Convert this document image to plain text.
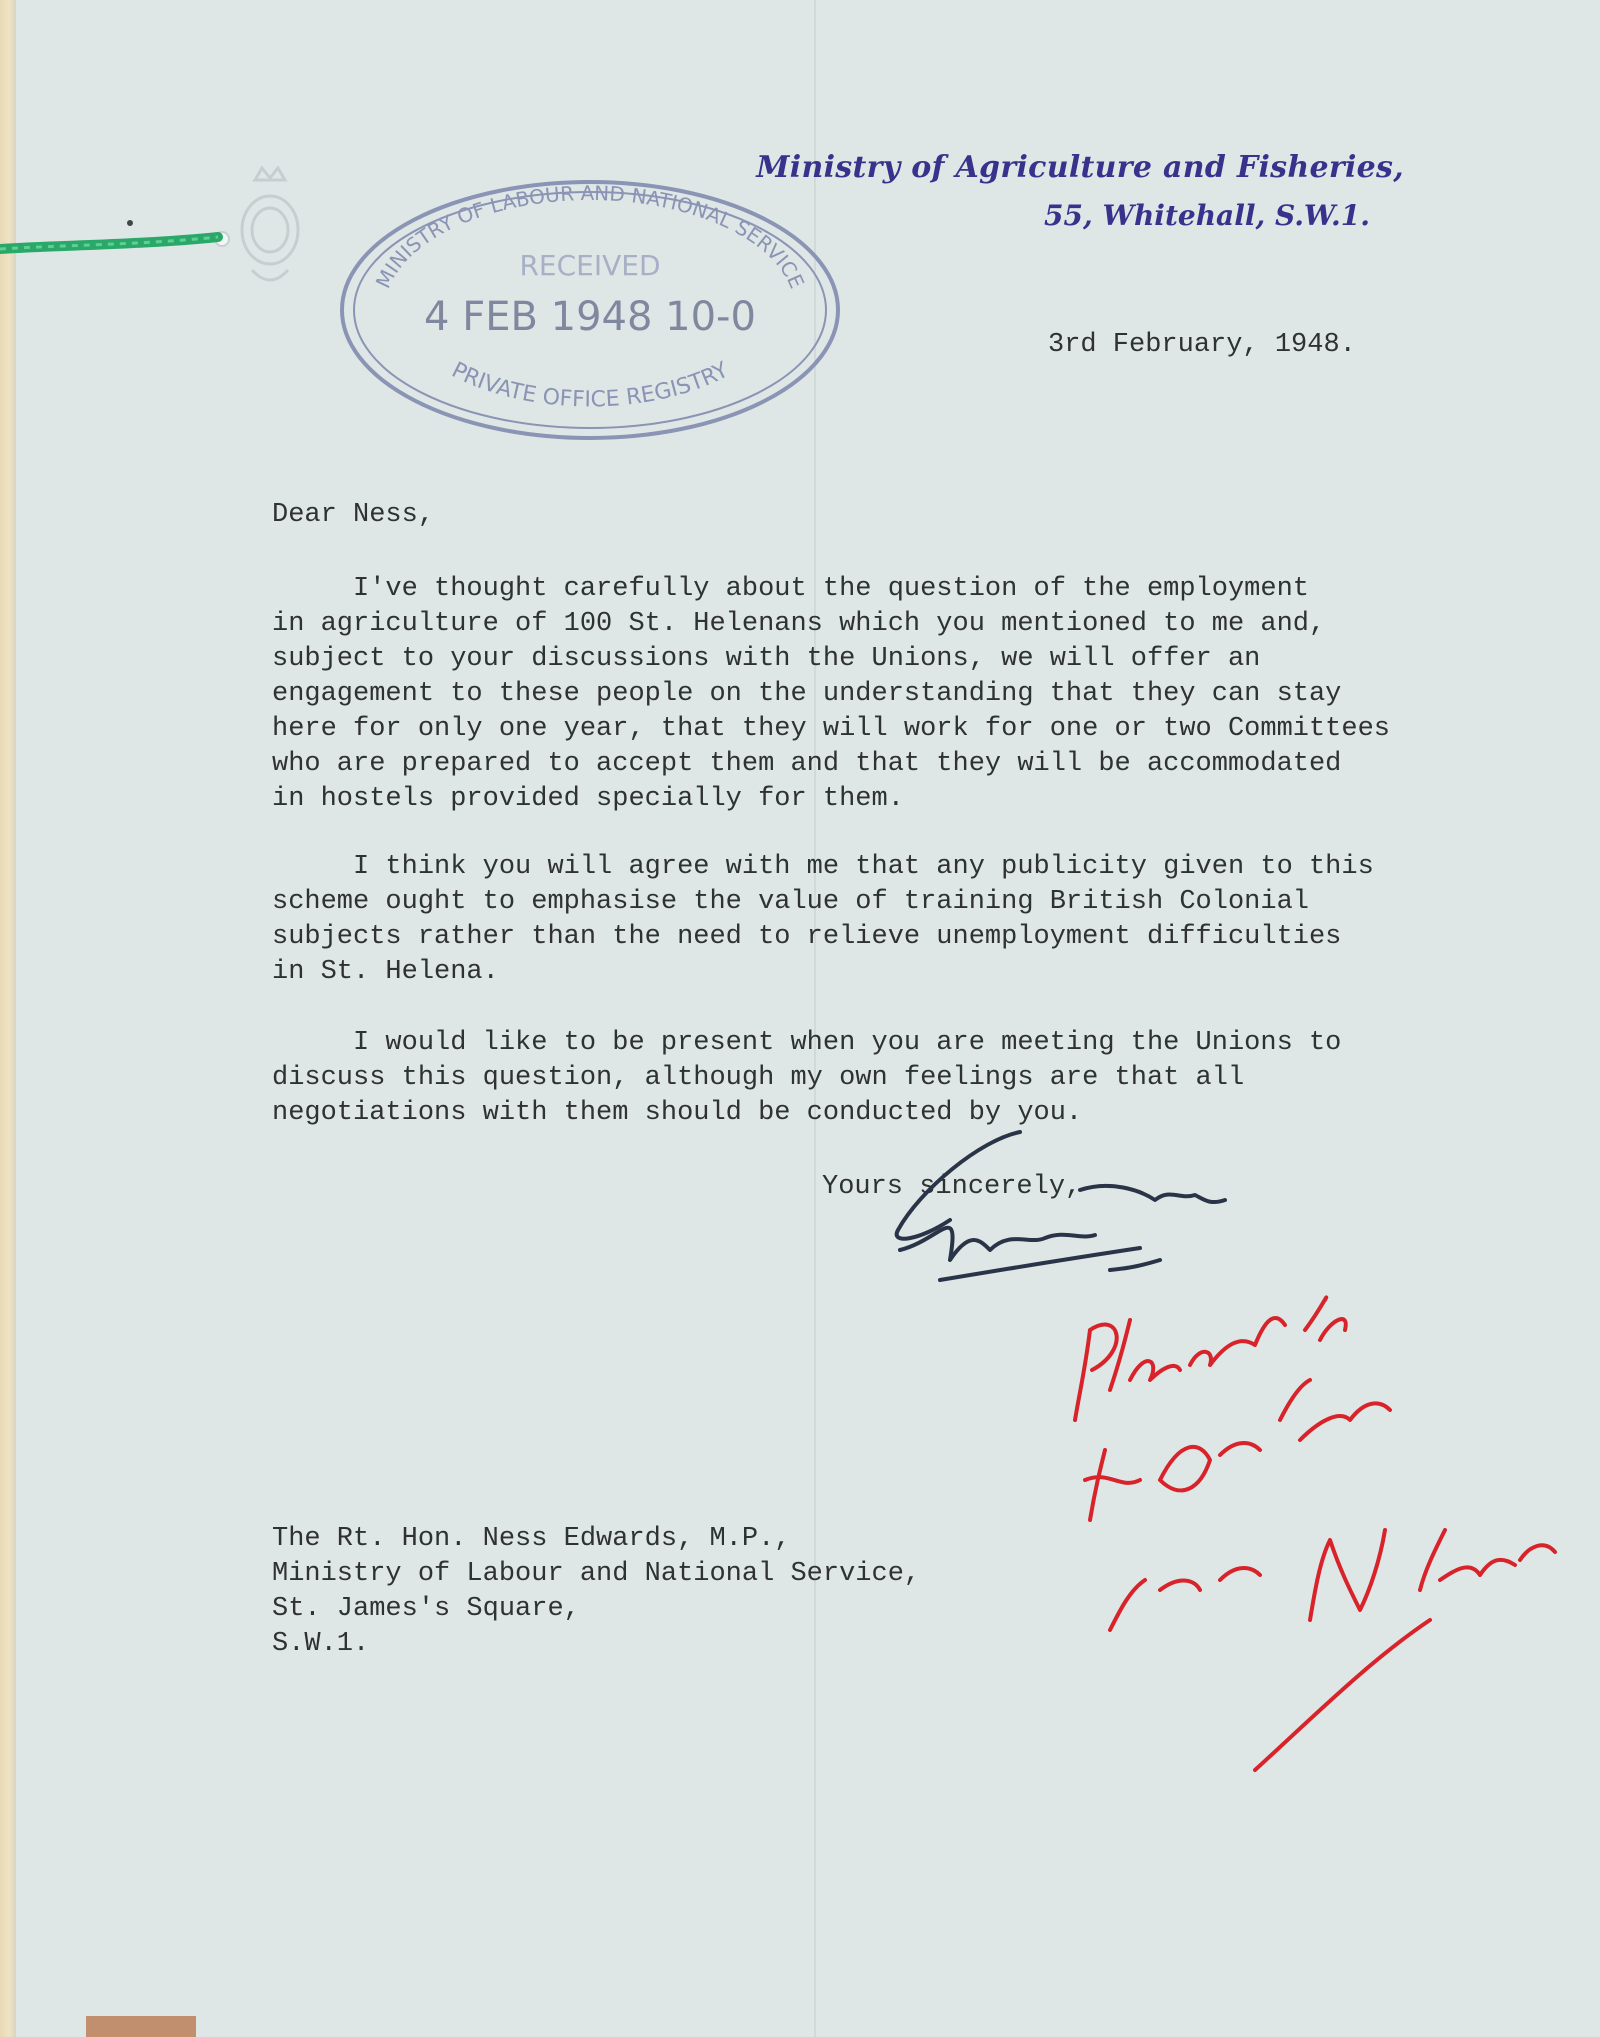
MINISTRY OF LABOUR AND NATIONAL SERVICE
PRIVATE OFFICE REGISTRY
RECEIVED
4 FEB 1948 10-0
Ministry of Agriculture and Fisheries,
55, Whitehall, S.W.1.
3rd February, 1948.
Dear Ness,
I've thought carefully about the question of the employment
in agriculture of 100 St. Helenans which you mentioned to me and,
subject to your discussions with the Unions, we will offer an
engagement to these people on the understanding that they can stay
here for only one year, that they will work for one or two Committees
who are prepared to accept them and that they will be accommodated
in hostels provided specially for them.
I think you will agree with me that any publicity given to this
scheme ought to emphasise the value of training British Colonial
subjects rather than the need to relieve unemployment difficulties
in St. Helena.
I would like to be present when you are meeting the Unions to
discuss this question, although my own feelings are that all
negotiations with them should be conducted by you.
Yours sincerely,
The Rt. Hon. Ness Edwards, M.P.,
Ministry of Labour and National Service,
St. James's Square,
S.W.1.
